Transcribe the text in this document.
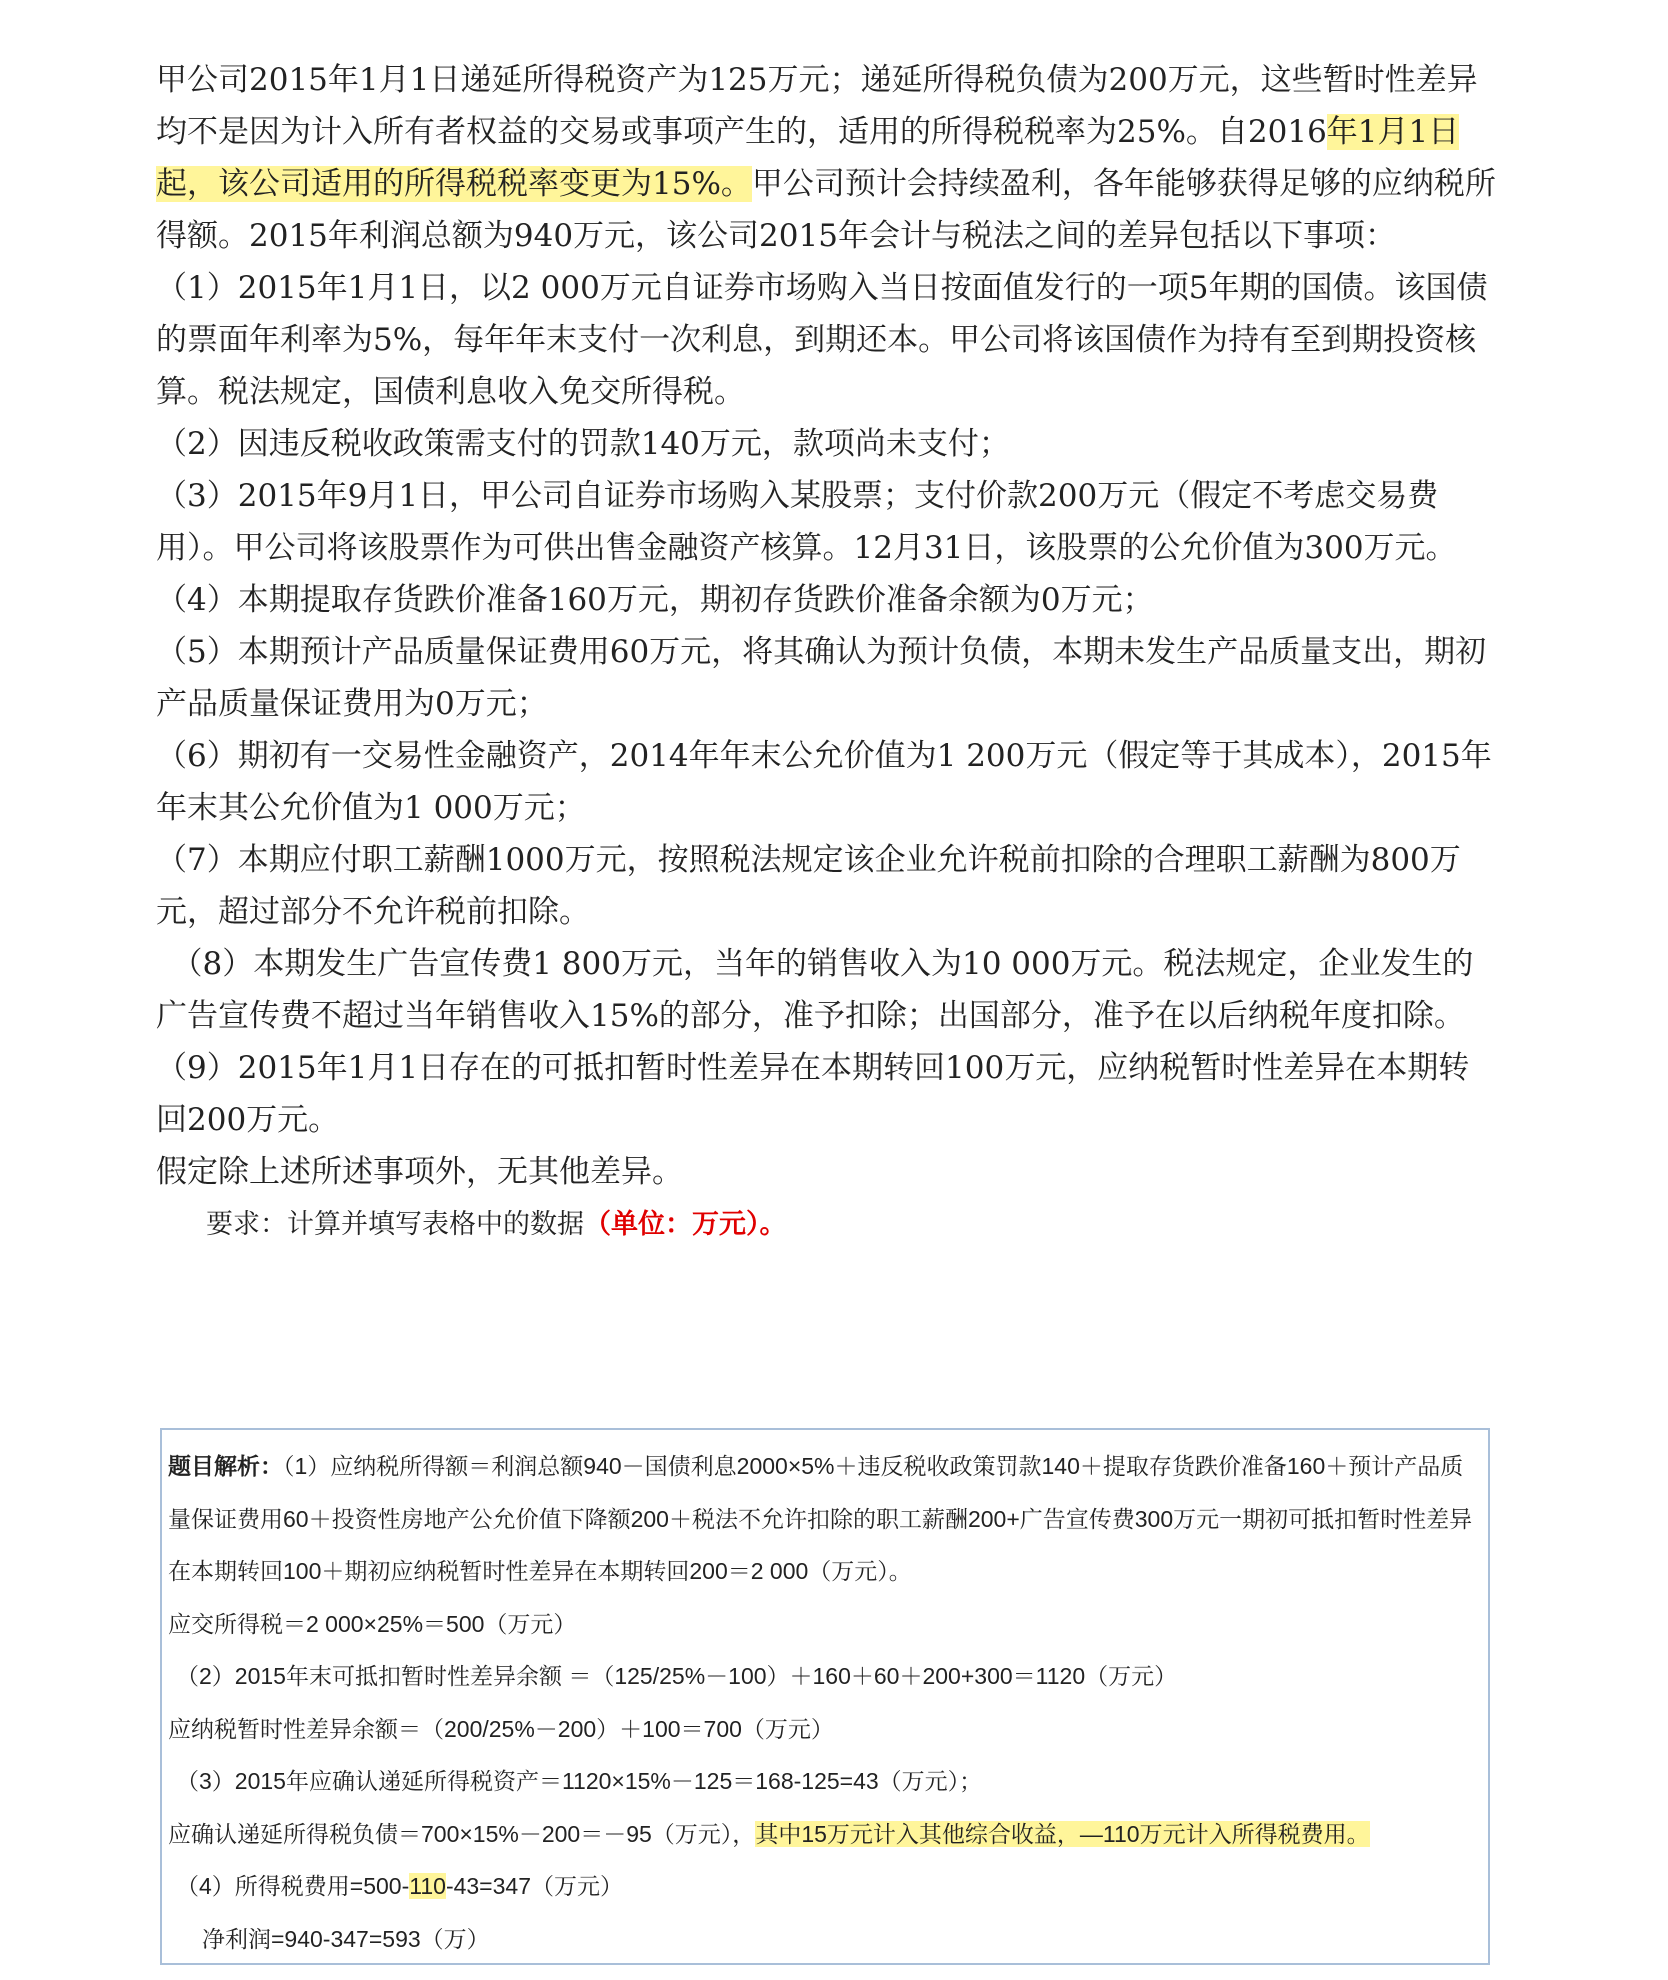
甲公司2015年1月1日递延所得税资产为125万元；递延所得税负债为200万元，这些暂时性差异均不是因为计入所有者权益的交易或事项产生的，适用的所得税税率为25%。自2016年1月1日起，该公司适用的所得税税率变更为15%。甲公司预计会持续盈利，各年能够获得足够的应纳税所得额。2015年利润总额为940万元，该公司2015年会计与税法之间的差异包括以下事项：

（1）2015年1月1日，以2 000万元自证券市场购入当日按面值发行的一项5年期的国债。该国债的票面年利率为5%，每年年末支付一次利息，到期还本。甲公司将该国债作为持有至到期投资核算。税法规定，国债利息收入免交所得税。

（2）因违反税收政策需支付的罚款140万元，款项尚未支付；

（3）2015年9月1日，甲公司自证券市场购入某股票；支付价款200万元（假定不考虑交易费用）。甲公司将该股票作为可供出售金融资产核算。12月31日，该股票的公允价值为300万元。

（4）本期提取存货跌价准备160万元，期初存货跌价准备余额为0万元；

（5）本期预计产品质量保证费用60万元，将其确认为预计负债，本期未发生产品质量支出，期初产品质量保证费用为0万元；

（6）期初有一交易性金融资产，2014年年末公允价值为1 200万元（假定等于其成本），2015年年末其公允价值为1 000万元；

（7）本期应付职工薪酬1000万元，按照税法规定该企业允许税前扣除的合理职工薪酬为800万元，超过部分不允许税前扣除。

　（8）本期发生广告宣传费1 800万元，当年的销售收入为10 000万元。税法规定，企业发生的广告宣传费不超过当年销售收入15%的部分，准予扣除；出国部分，准予在以后纳税年度扣除。

（9）2015年1月1日存在的可抵扣暂时性差异在本期转回100万元，应纳税暂时性差异在本期转回200万元。

假定除上述所述事项外，无其他差异。

要求：计算并填写表格中的数据（单位：万元）。

题目解析：（1）应纳税所得额＝利润总额940－国债利息2000×5%＋违反税收政策罚款140＋提取存货跌价准备160＋预计产品质量保证费用60＋投资性房地产公允价值下降额200＋税法不允许扣除的职工薪酬200+广告宣传费300万元一期初可抵扣暂时性差异在本期转回100＋期初应纳税暂时性差异在本期转回200＝2 000（万元）。

应交所得税＝2 000×25%＝500（万元）

（2）2015年末可抵扣暂时性差异余额 ＝（125/25%－100）＋160＋60＋200+300＝1120（万元）

应纳税暂时性差异余额＝（200/25%－200）＋100＝700（万元）

（3）2015年应确认递延所得税资产＝1120×15%－125＝168-125=43（万元）；

应确认递延所得税负债＝700×15%－200＝－95（万元），其中15万元计入其他综合收益，—110万元计入所得税费用。

（4）所得税费用=500-110-43=347（万元）

净利润=940-347=593（万）
